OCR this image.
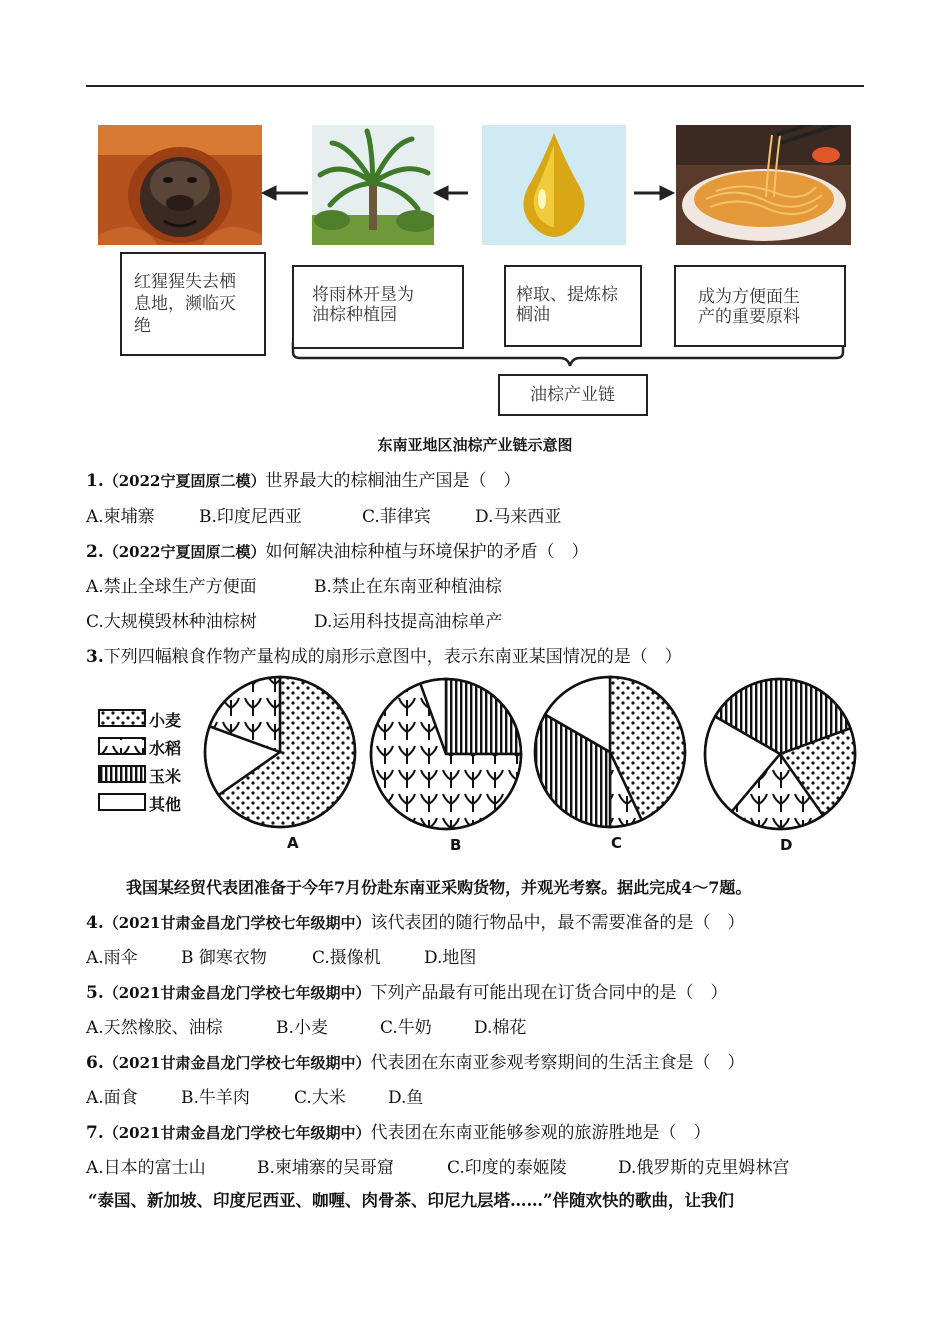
红猩猩失去栖
息地，濒临灭
绝
将雨林开垦为
油棕种植园
榨取、提炼棕
榈油
成为方便面生
产的重要原料
油棕产业链
东南亚地区油棕产业链示意图
1.（2022宁夏固原二模）世界最大的棕榈油生产国是（　）
A.柬埔寨	B.印度尼西亚	C.菲律宾	D.马来西亚
2.（2022宁夏固原二模）如何解决油棕种植与环境保护的矛盾（　）
A.禁止全球生产方便面	B.禁止在东南亚种植油棕
C.大规模毁林种油棕树	D.运用科技提高油棕单产
3.下列四幅粮食作物产量构成的扇形示意图中，表示东南亚某国情况的是（　）
小麦
水稻
玉米
其他
A	B	C	D
我国某经贸代表团准备于今年7月份赴东南亚采购货物，并观光考察。据此完成4～7题。
4.（2021甘肃金昌龙门学校七年级期中）该代表团的随行物品中，最不需要准备的是（　）
A.雨伞	B 御寒衣物	C.摄像机	D.地图
5.（2021甘肃金昌龙门学校七年级期中）下列产品最有可能出现在订货合同中的是（　）
A.天然橡胶、油棕	B.小麦	C.牛奶 D.棉花
6.（2021甘肃金昌龙门学校七年级期中）代表团在东南亚参观考察期间的生活主食是（　）
A.面食	B.牛羊肉	C.大米 D.鱼
7.（2021甘肃金昌龙门学校七年级期中）代表团在东南亚能够参观的旅游胜地是（　）
A.日本的富士山	B.柬埔寨的吴哥窟	C.印度的泰姬陵	D.俄罗斯的克里姆林宫
“泰国、新加坡、印度尼西亚、咖喱、肉骨茶、印尼九层塔……”伴随欢快的歌曲，让我们
